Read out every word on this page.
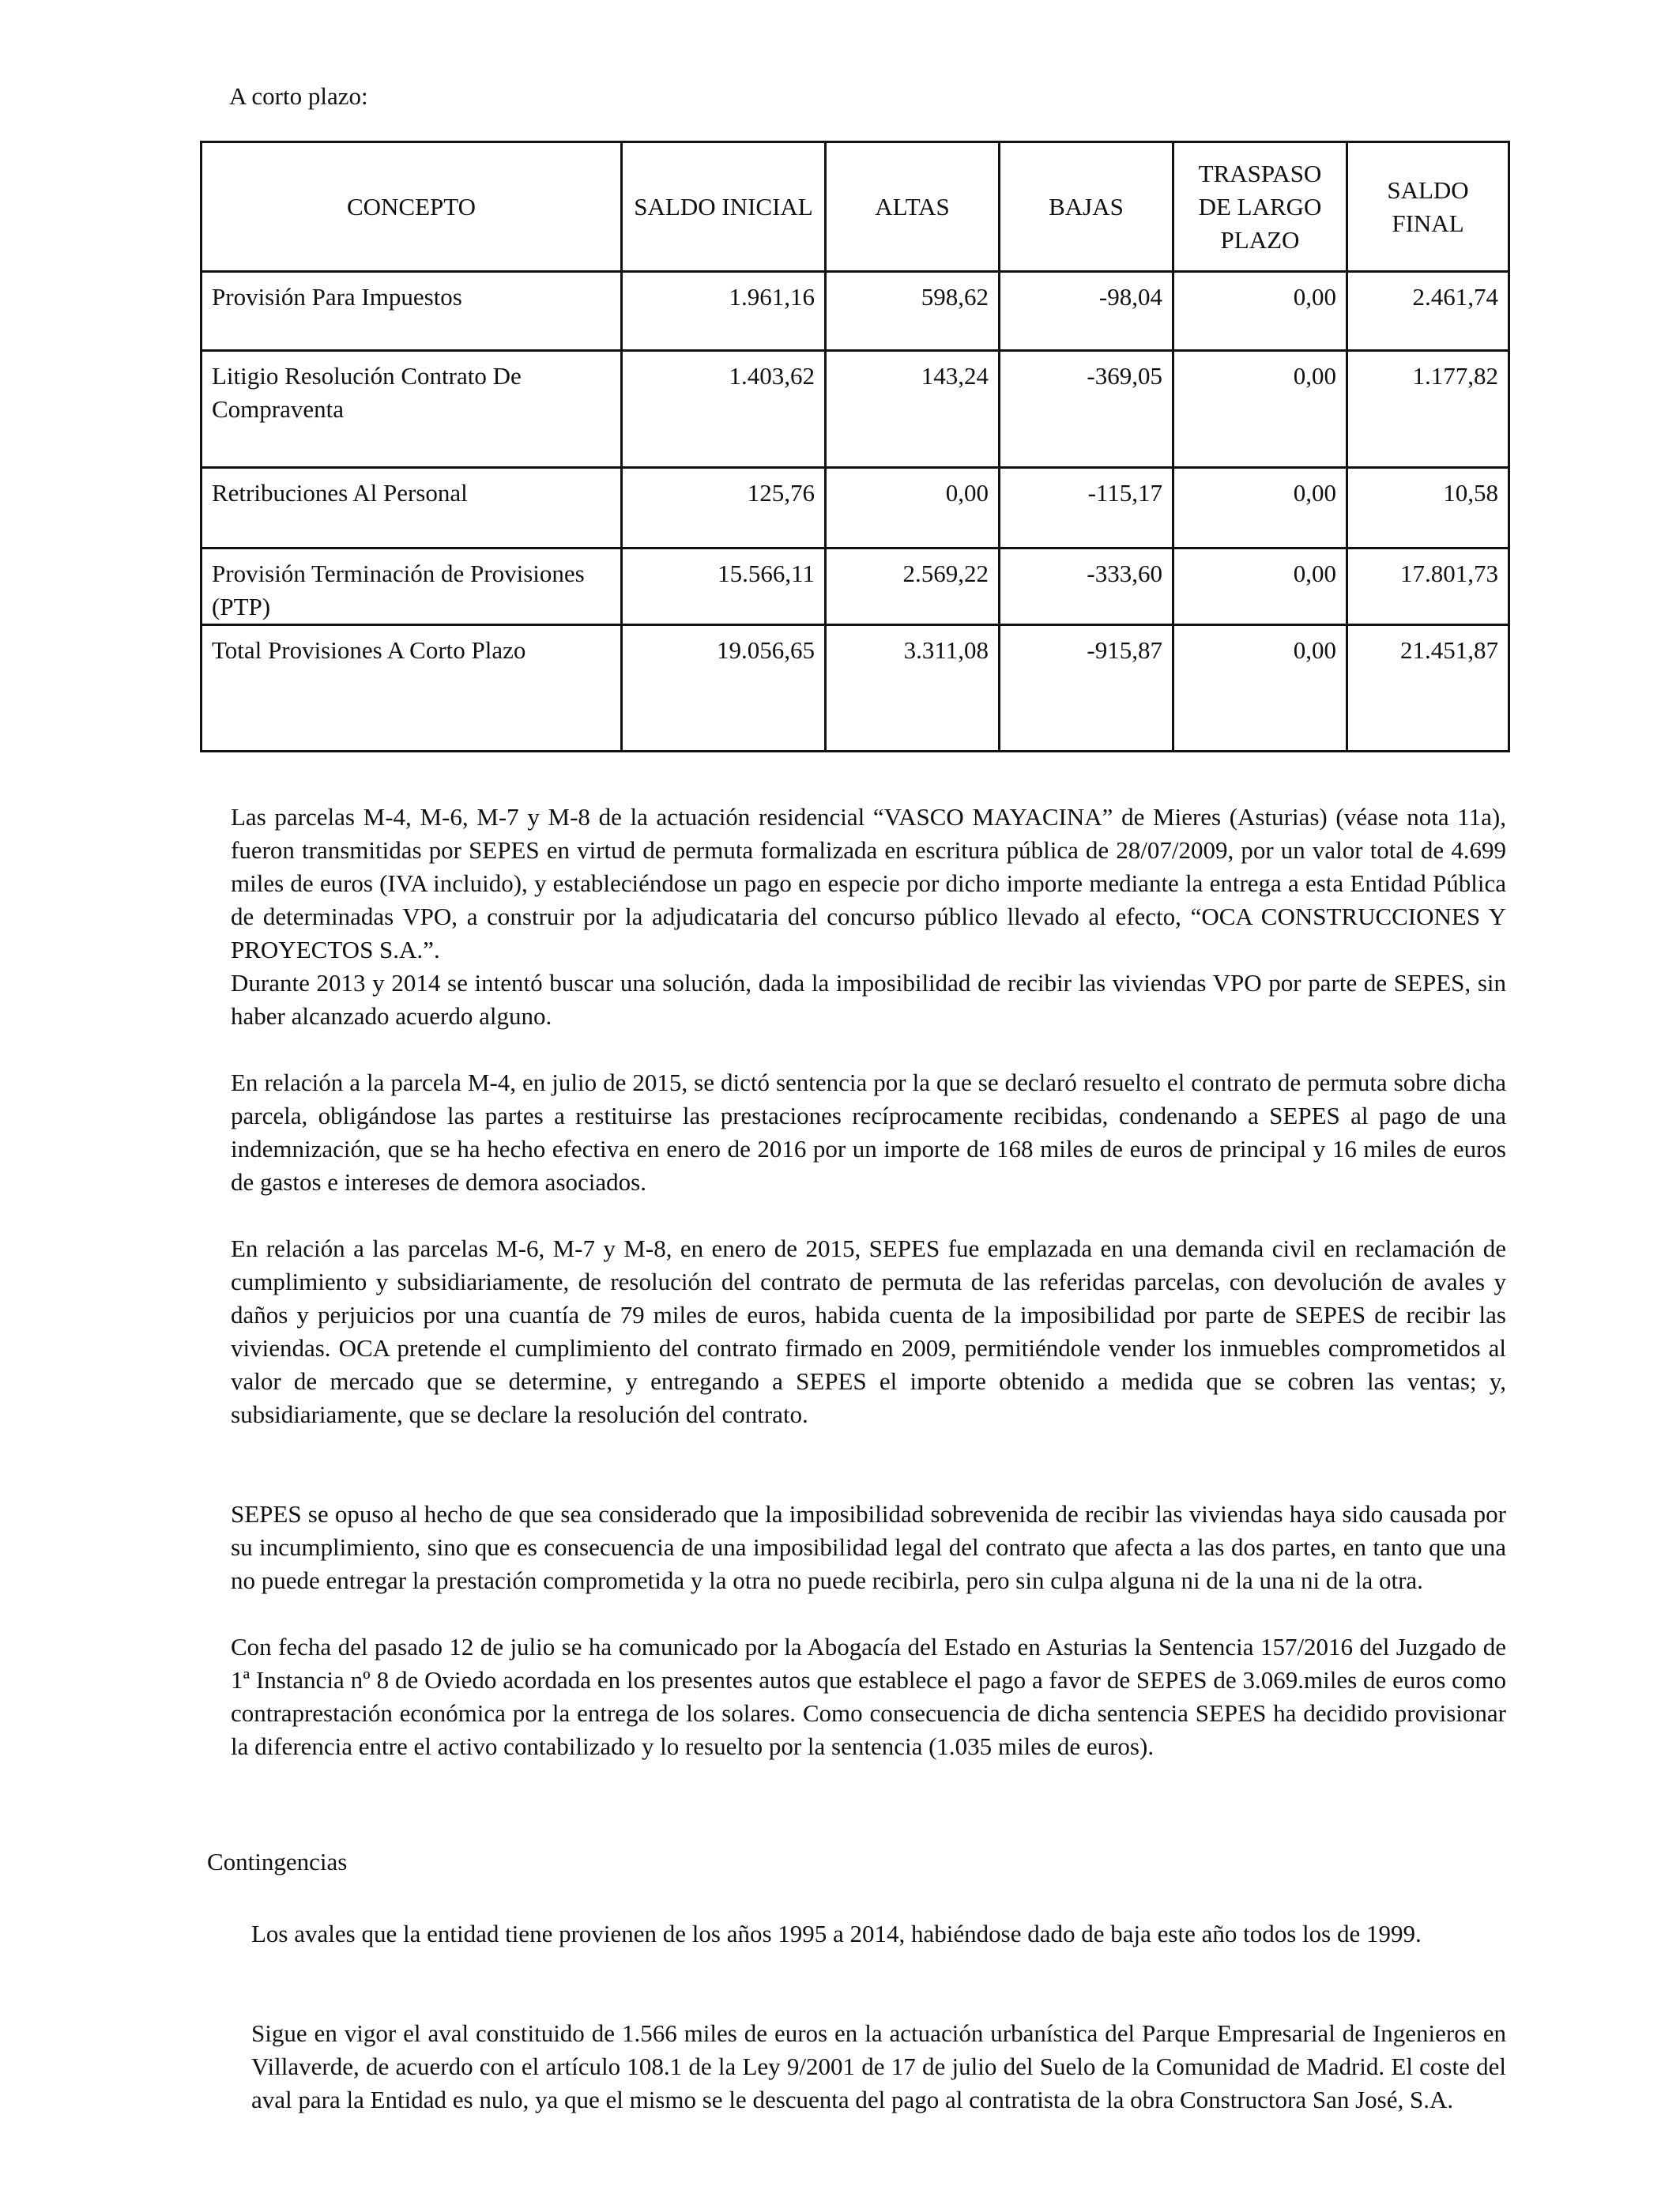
A corto plazo:
CONCEPTO	SALDO INICIAL	ALTAS	BAJAS	TRASPASO DE LARGO PLAZO	SALDO FINAL
Provisión Para Impuestos	1.961,16	598,62	-98,04	0,00	2.461,74
Litigio Resolución Contrato De Compraventa	1.403,62	143,24	-369,05	0,00	1.177,82
Retribuciones Al Personal	125,76	0,00	-115,17	0,00	10,58
Provisión Terminación de Provisiones (PTP)	15.566,11	2.569,22	-333,60	0,00	17.801,73
Total Provisiones A Corto Plazo	19.056,65	3.311,08	-915,87	0,00	21.451,87

Las parcelas M-4, M-6, M-7 y M-8 de la actuación residencial “VASCO MAYACINA” de Mieres (Asturias) (véase nota 11a), fueron transmitidas por SEPES en virtud de permuta formalizada en escritura pública de 28/07/2009, por un valor total de 4.699 miles de euros (IVA incluido), y estableciéndose un pago en especie por dicho importe mediante la entrega a esta Entidad Pública de determinadas VPO, a construir por la adjudicataria del concurso público llevado al efecto, “OCA CONSTRUCCIONES Y PROYECTOS S.A.”.

Durante 2013 y 2014 se intentó buscar una solución, dada la imposibilidad de recibir las viviendas VPO por parte de SEPES, sin haber alcanzado acuerdo alguno.

En relación a la parcela M-4, en julio de 2015, se dictó sentencia por la que se declaró resuelto el contrato de permuta sobre dicha parcela, obligándose las partes a restituirse las prestaciones recíprocamente recibidas, condenando a SEPES al pago de una indemnización, que se ha hecho efectiva en enero de 2016 por un importe de 168 miles de euros de principal y 16 miles de euros de gastos e intereses de demora asociados.

En relación a las parcelas M-6, M-7 y M-8, en enero de 2015, SEPES fue emplazada en una demanda civil en reclamación de cumplimiento y subsidiariamente, de resolución del contrato de permuta de las referidas parcelas, con devolución de avales y daños y perjuicios por una cuantía de 79 miles de euros, habida cuenta de la imposibilidad por parte de SEPES de recibir las viviendas. OCA pretende el cumplimiento del contrato firmado en 2009, permitiéndole vender los inmuebles comprometidos al valor de mercado que se determine, y entregando a SEPES el importe obtenido a medida que se cobren las ventas; y, subsidiariamente, que se declare la resolución del contrato.

SEPES se opuso al hecho de que sea considerado que la imposibilidad sobrevenida de recibir las viviendas haya sido causada por su incumplimiento, sino que es consecuencia de una imposibilidad legal del contrato que afecta a las dos partes, en tanto que una no puede entregar la prestación comprometida y la otra no puede recibirla, pero sin culpa alguna ni de la una ni de la otra.

Con fecha del pasado 12 de julio se ha comunicado por la Abogacía del Estado en Asturias la Sentencia 157/2016 del Juzgado de 1ª Instancia nº 8 de Oviedo acordada en los presentes autos que establece el pago a favor de SEPES de 3.069.miles de euros como contraprestación económica por la entrega de los solares. Como consecuencia de dicha sentencia SEPES ha decidido provisionar la diferencia entre el activo contabilizado y lo resuelto por la sentencia (1.035 miles de euros).

Contingencias

Los avales que la entidad tiene provienen de los años 1995 a 2014, habiéndose dado de baja este año todos los de 1999.

Sigue en vigor el aval constituido de 1.566 miles de euros en la actuación urbanística del Parque Empresarial de Ingenieros en Villaverde, de acuerdo con el artículo 108.1 de la Ley 9/2001 de 17 de julio del Suelo de la Comunidad de Madrid. El coste del aval para la Entidad es nulo, ya que el mismo se le descuenta del pago al contratista de la obra Constructora San José, S.A.
